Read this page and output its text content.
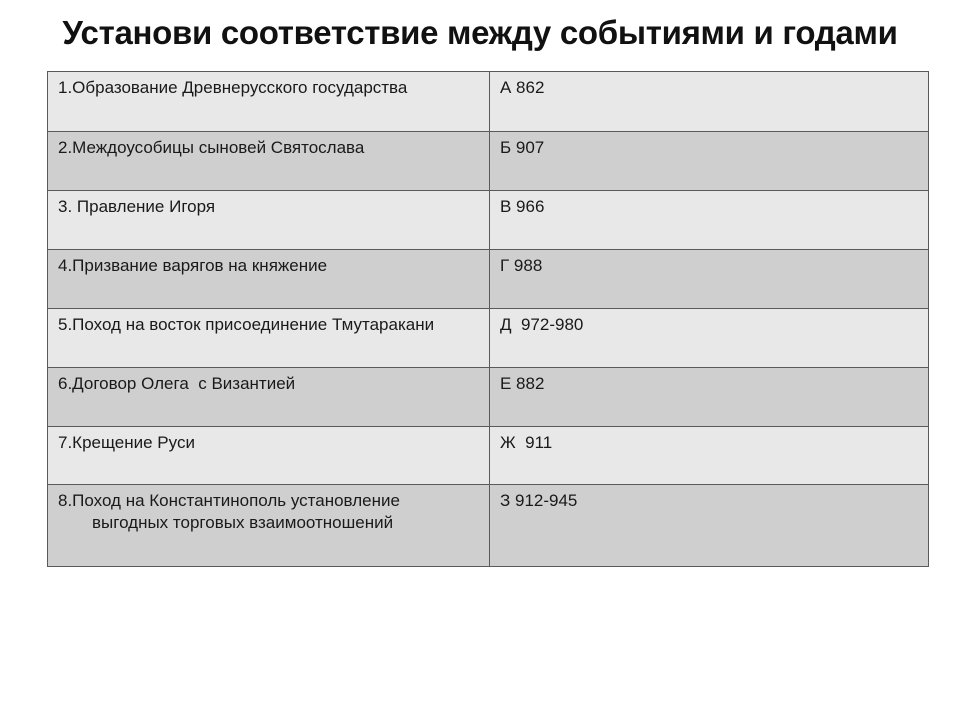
Установи соответствие между событиями и годами
1.Образование Древнерусского государства	А 862

2.Междоусобицы сыновей Святослава	Б 907

3. Правление Игоря	В 966

4.Призвание варягов на княжение	Г 988

5.Поход на восток присоединение Тмутаракани	Д  972-980

6.Договор Олега  с Византией	Е 882

7.Крещение Руси	Ж  911

8.Поход на Константинополь установление  выгодных торговых взаимоотношений	З 912-945
